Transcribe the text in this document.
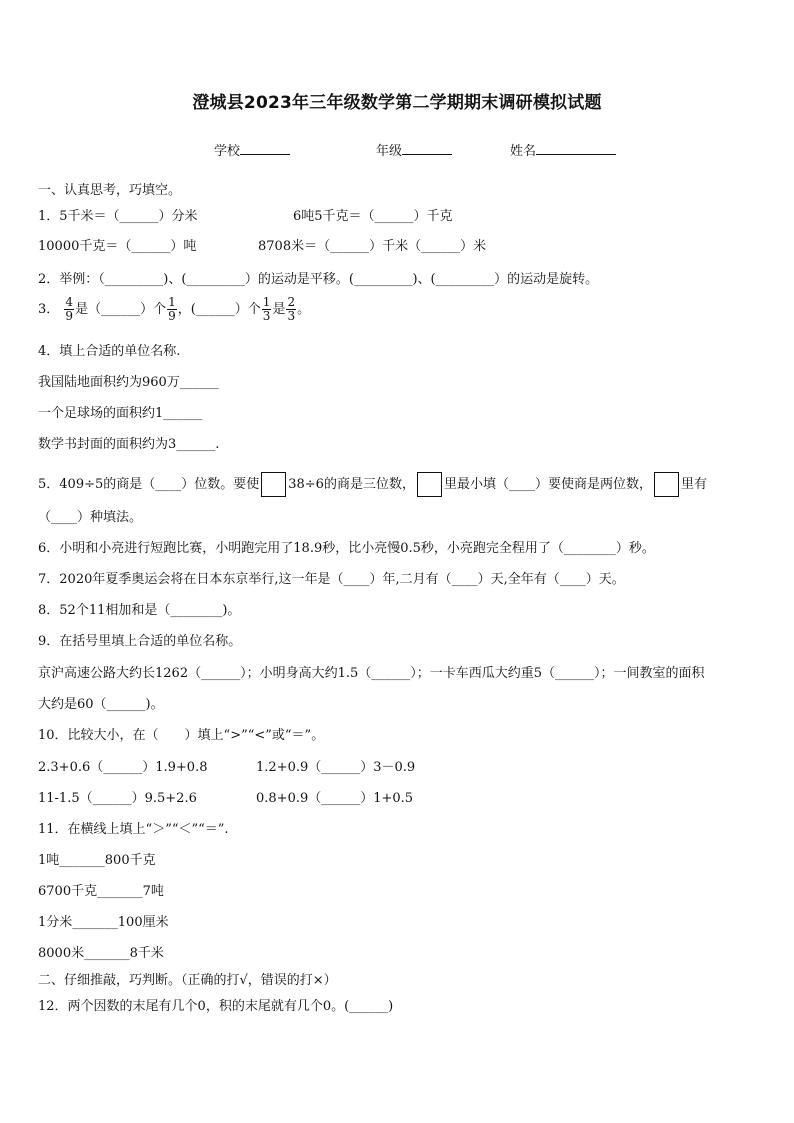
澄城县2023年三年级数学第二学期期末调研模拟试题
学校	年级	姓名
一、认真思考，巧填空。
1．5千米＝（______）分米	6吨5千克＝（______）千克
10000千克＝（______）吨	8708米＝（______）千米（______）米
2．举例：（_________)、(_________）的运动是平移。(_________)、(_________）的运动是旋转。
3． $\frac{4}{9}$ 是（______）个 $\frac{1}{9}$ ，(______）个 $\frac{1}{3}$ 是 $\frac{2}{3}$ 。
4．填上合适的单位名称.
我国陆地面积约为960万______
一个足球场的面积约1______
数学书封面的面积约为3______.
5．409÷5的商是（____）位数。要使 38÷6的商是三位数， 里最小填（____）要使商是两位数， 里有
（____）种填法。
6．小明和小亮进行短跑比赛，小明跑完用了18.9秒，比小亮慢0.5秒，小亮跑完全程用了（________）秒。
7．2020年夏季奥运会将在日本东京举行,这一年是（____）年,二月有（____）天,全年有（____）天。
8．52个11相加和是（________)。
9．在括号里填上合适的单位名称。
京沪高速公路大约长1262（______）；小明身高大约1.5（______）；一卡车西瓜大约重5（______）；一间教室的面积
大约是60（______)。
10．比较大小，在（　　）填上“>”“<”或“＝”。
2.3+0.6（______）1.9+0.8	1.2+0.9（______）3－0.9
11-1.5（______）9.5+2.6	0.8+0.9（______）1+0.5
11．在横线上填上“＞”“＜”“＝”.
1吨_______800千克
6700千克_______7吨
1分米_______100厘米
8000米_______8千米
二、仔细推敲，巧判断。（正确的打√，错误的打×）
12．两个因数的末尾有几个0，积的末尾就有几个0。(______)
